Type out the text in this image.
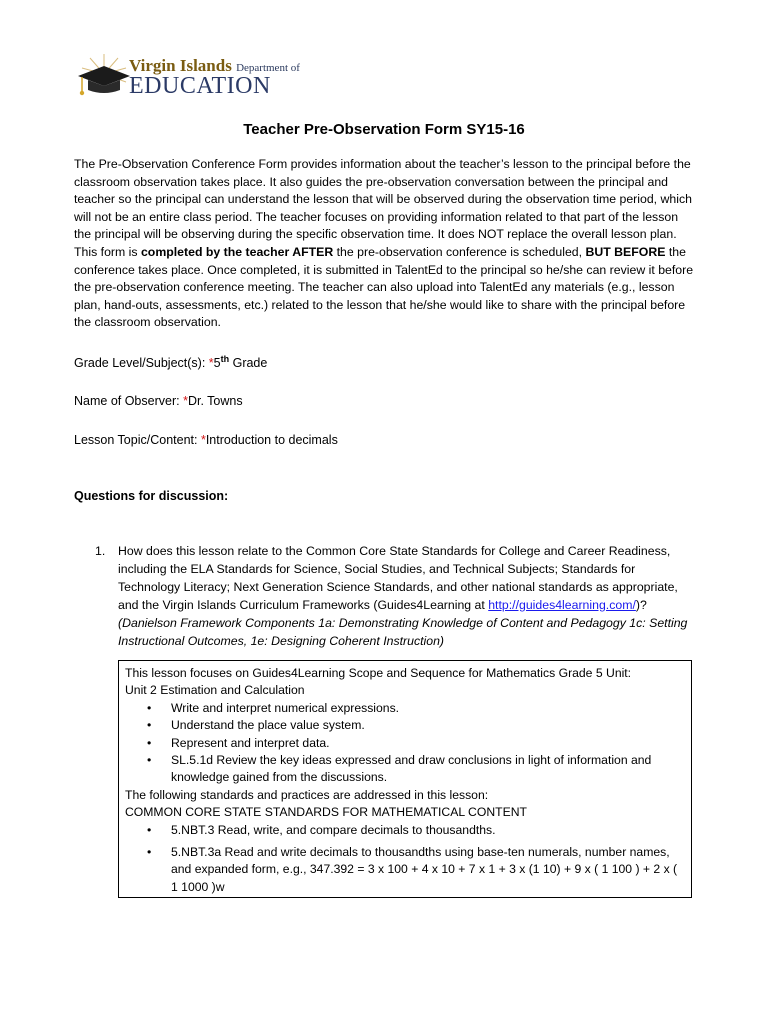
Virgin Islands Department of
EDUCATION
Teacher Pre-Observation Form SY15-16
The Pre-Observation Conference Form provides information about the teacher’s lesson to the principal before the classroom observation takes place. It also guides the pre-observation conversation between the principal and teacher so the principal can understand the lesson that will be observed during the observation time period, which will not be an entire class period. The teacher focuses on providing information related to that part of the lesson the principal will be observing during the specific observation time. It does NOT replace the overall lesson plan. This form is completed by the teacher AFTER the pre-observation conference is scheduled, BUT BEFORE the conference takes place. Once completed, it is submitted in TalentEd to the principal so he/she can review it before the pre-observation conference meeting. The teacher can also upload into TalentEd any materials (e.g., lesson plan, hand-outs, assessments, etc.) related to the lesson that he/she would like to share with the principal before the classroom observation.
Grade Level/Subject(s): *5th Grade
Name of Observer: *Dr. Towns
Lesson Topic/Content: *Introduction to decimals
Questions for discussion:
1. How does this lesson relate to the Common Core State Standards for College and Career Readiness, including the ELA Standards for Science, Social Studies, and Technical Subjects; Standards for Technology Literacy; Next Generation Science Standards, and other national standards as appropriate, and the Virgin Islands Curriculum Frameworks (Guides4Learning at http://guides4learning.com/)?
(Danielson Framework Components 1a: Demonstrating Knowledge of Content and Pedagogy 1c: Setting Instructional Outcomes, 1e: Designing Coherent Instruction)
This lesson focuses on Guides4Learning Scope and Sequence for Mathematics Grade 5 Unit:
Unit 2 Estimation and Calculation
• Write and interpret numerical expressions.
• Understand the place value system.
• Represent and interpret data.
• SL.5.1d Review the key ideas expressed and draw conclusions in light of information and knowledge gained from the discussions.
The following standards and practices are addressed in this lesson:
COMMON CORE STATE STANDARDS FOR MATHEMATICAL CONTENT
• 5.NBT.3 Read, write, and compare decimals to thousandths.
• 5.NBT.3a Read and write decimals to thousandths using base-ten numerals, number names, and expanded form, e.g., 347.392 = 3 x 100 + 4 x 10 + 7 x 1 + 3 x (1 10) + 9 x ( 1 100 ) + 2 x ( 1 1000 )w
